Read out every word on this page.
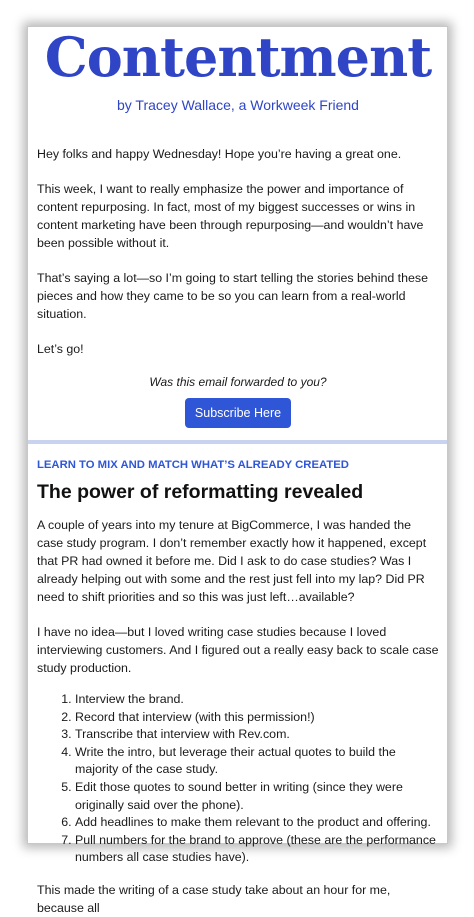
Contentment
by Tracey Wallace, a Workweek Friend

Hey folks and happy Wednesday! Hope you’re having a great one.

This week, I want to really emphasize the power and importance of content repurposing. In fact, most of my biggest successes or wins in content marketing have been through repurposing—and wouldn’t have been possible without it.

That’s saying a lot—so I’m going to start telling the stories behind these pieces and how they came to be so you can learn from a real-world situation.

Let’s go!

Was this email forwarded to you?
Subscribe Here
LEARN TO MIX AND MATCH WHAT’S ALREADY CREATED
The power of reformatting revealed

A couple of years into my tenure at BigCommerce, I was handed the case study program. I don’t remember exactly how it happened, except that PR had owned it before me. Did I ask to do case studies? Was I already helping out with some and the rest just fell into my lap? Did PR need to shift priorities and so this was just left…available?

I have no idea—but I loved writing case studies because I loved interviewing customers. And I figured out a really easy back to scale case study production.

1. Interview the brand.
2. Record that interview (with this permission!)
3. Transcribe that interview with Rev.com.
4. Write the intro, but leverage their actual quotes to build the majority of the case study.
5. Edit those quotes to sound better in writing (since they were originally said over the phone).
6. Add headlines to make them relevant to the product and offering.
7. Pull numbers for the brand to approve (these are the performance numbers all case studies have).

This made the writing of a case study take about an hour for me, because all
